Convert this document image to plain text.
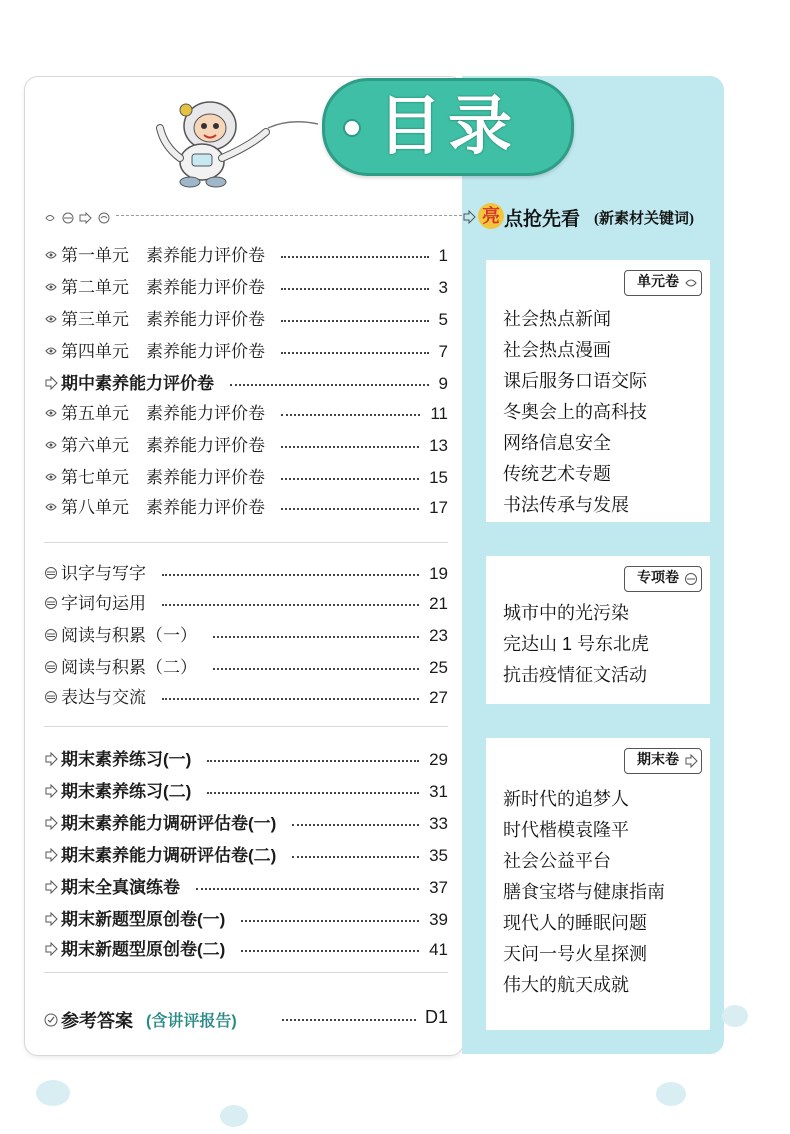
目录
第一单元　素养能力评价卷	1
第二单元　素养能力评价卷	3
第三单元　素养能力评价卷	5
第四单元　素养能力评价卷	7
期中素养能力评价卷	9
第五单元　素养能力评价卷	11
第六单元　素养能力评价卷	13
第七单元　素养能力评价卷	15
第八单元　素养能力评价卷	17
识字与写字	19
字词句运用	21
阅读与积累（一）	23
阅读与积累（二）	25
表达与交流	27
期末素养练习(一)	29
期末素养练习(二)	31
期末素养能力调研评估卷(一)	33
期末素养能力调研评估卷(二)	35
期末全真演练卷	37
期末新题型原创卷(一)	39
期末新题型原创卷(二)	41
参考答案 (含讲评报告)	D1
亮 点抢先看 (新素材关键词)
单元卷
社会热点新闻
社会热点漫画
课后服务口语交际
冬奥会上的高科技
网络信息安全
传统艺术专题
书法传承与发展
专项卷
城市中的光污染
完达山 1 号东北虎
抗击疫情征文活动
期末卷
新时代的追梦人
时代楷模袁隆平
社会公益平台
膳食宝塔与健康指南
现代人的睡眠问题
天问一号火星探测
伟大的航天成就
